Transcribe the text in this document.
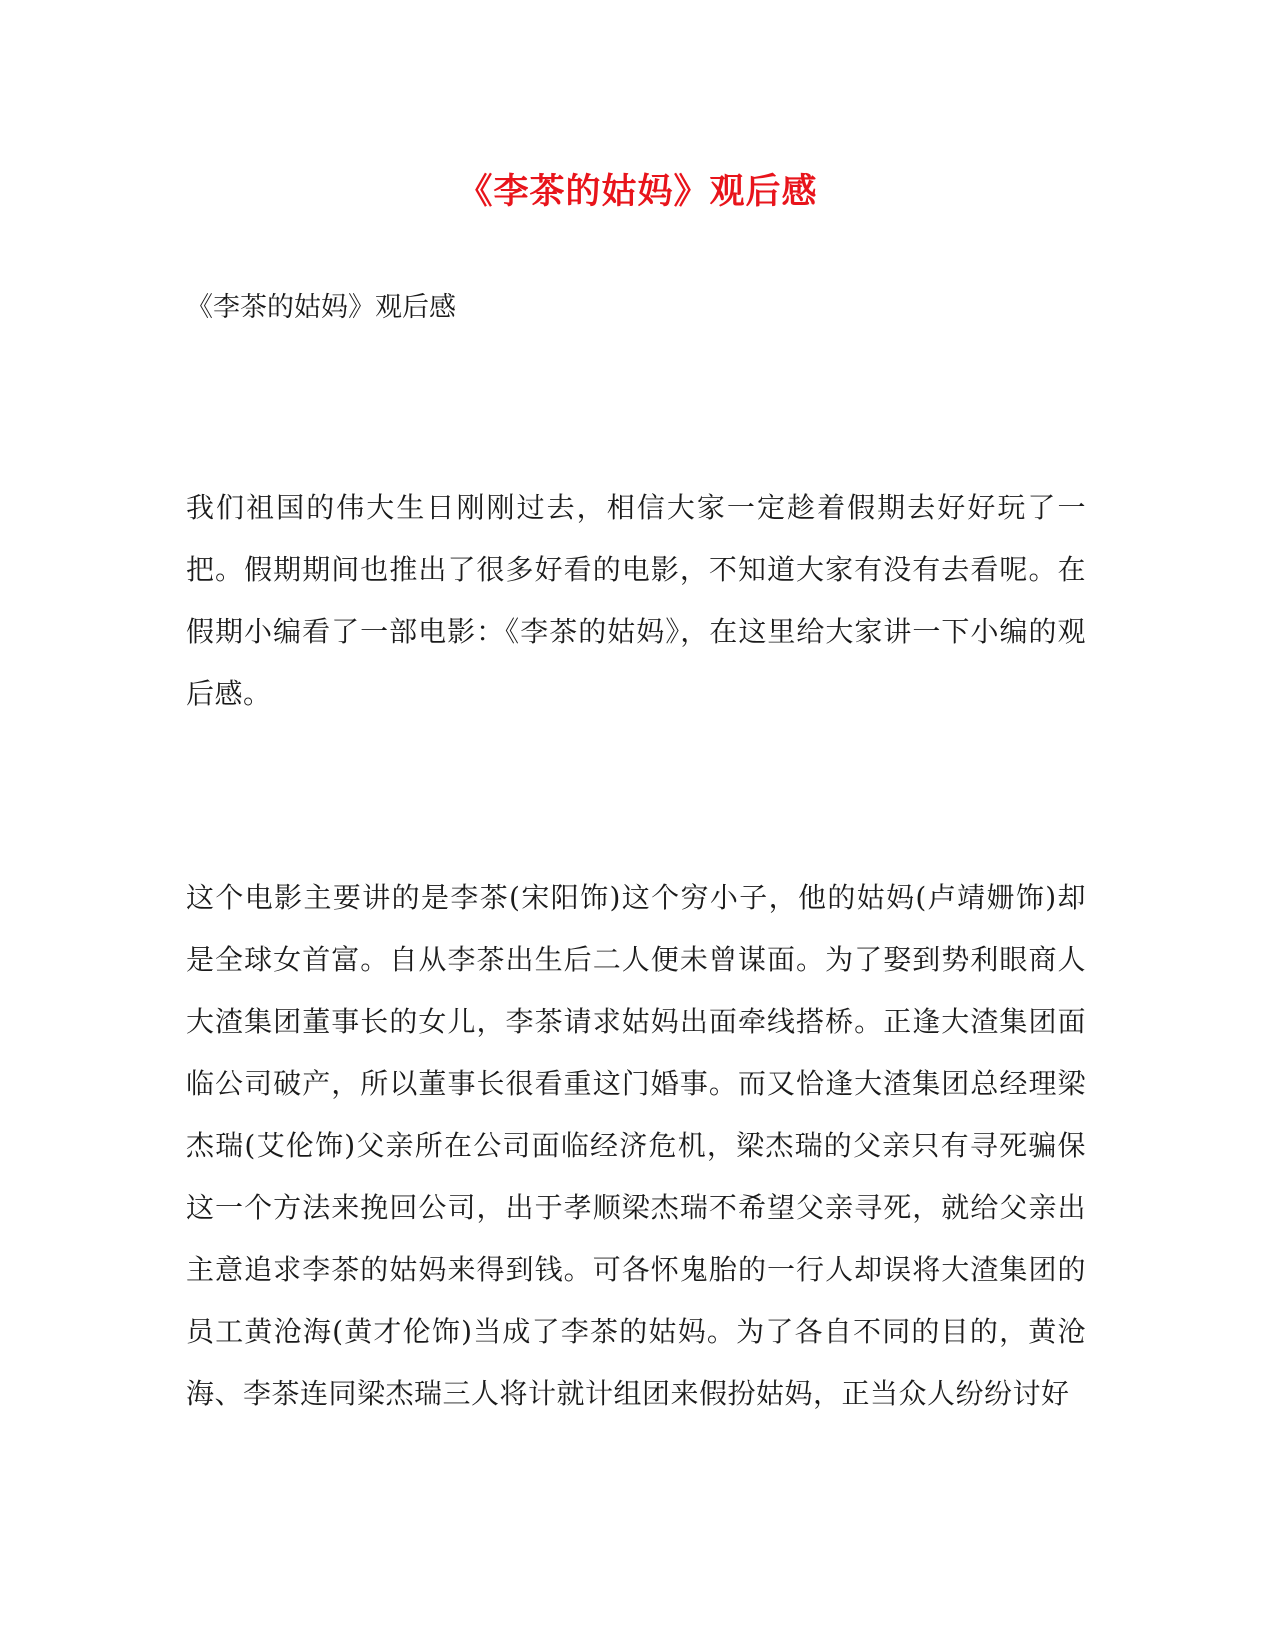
《李茶的姑妈》观后感
《李茶的姑妈》观后感

我们祖国的伟大生日刚刚过去，相信大家一定趁着假期去好好玩了一把。假期期间也推出了很多好看的电影，不知道大家有没有去看呢。在假期小编看了一部电影：《李茶的姑妈》，在这里给大家讲一下小编的观后感。

这个电影主要讲的是李茶(宋阳饰)这个穷小子，他的姑妈(卢靖姗饰)却是全球女首富。自从李茶出生后二人便未曾谋面。为了娶到势利眼商人大渣集团董事长的女儿，李茶请求姑妈出面牵线搭桥。正逢大渣集团面临公司破产，所以董事长很看重这门婚事。而又恰逢大渣集团总经理梁杰瑞(艾伦饰)父亲所在公司面临经济危机，梁杰瑞的父亲只有寻死骗保这一个方法来挽回公司，出于孝顺梁杰瑞不希望父亲寻死，就给父亲出主意追求李茶的姑妈来得到钱。可各怀鬼胎的一行人却误将大渣集团的员工黄沧海(黄才伦饰)当成了李茶的姑妈。为了各自不同的目的，黄沧海、李茶连同梁杰瑞三人将计就计组团来假扮姑妈，正当众人纷纷讨好
